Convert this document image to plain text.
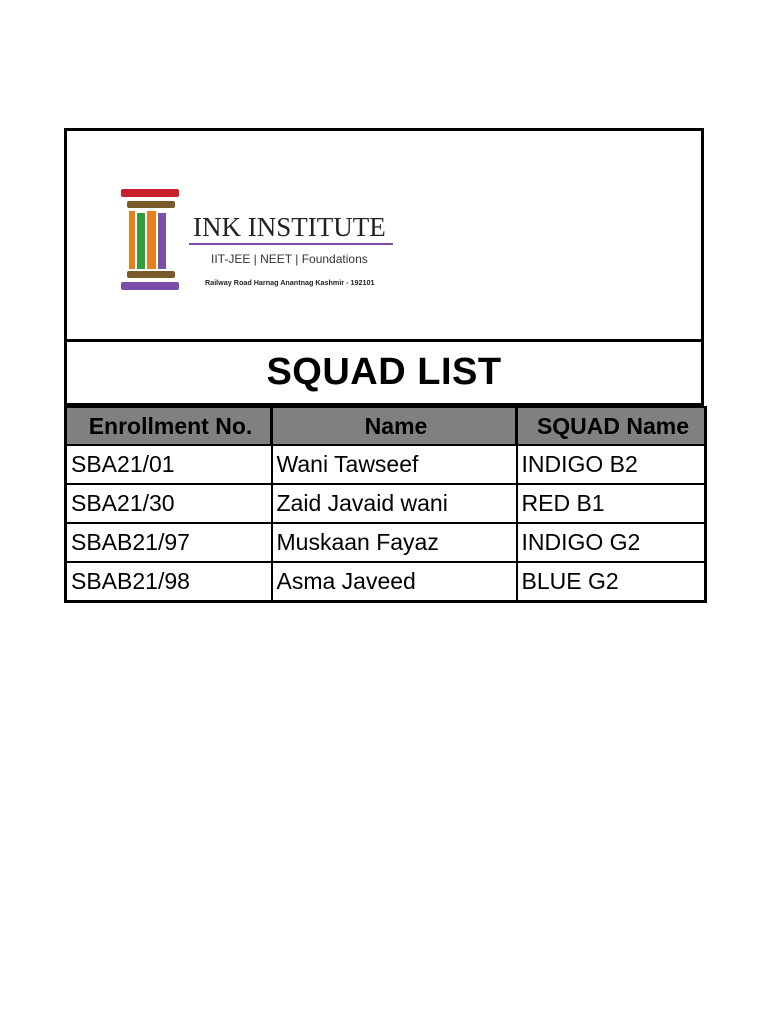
INK INSTITUTE
IIT-JEE | NEET | Foundations
Railway Road Harnag Anantnag Kashmir - 192101
SQUAD LIST
Enrollment No.	Name	SQUAD Name
SBA21/01	Wani Tawseef	INDIGO B2
SBA21/30	Zaid Javaid wani	RED B1
SBAB21/97	Muskaan Fayaz	INDIGO G2
SBAB21/98	Asma Javeed	BLUE G2
